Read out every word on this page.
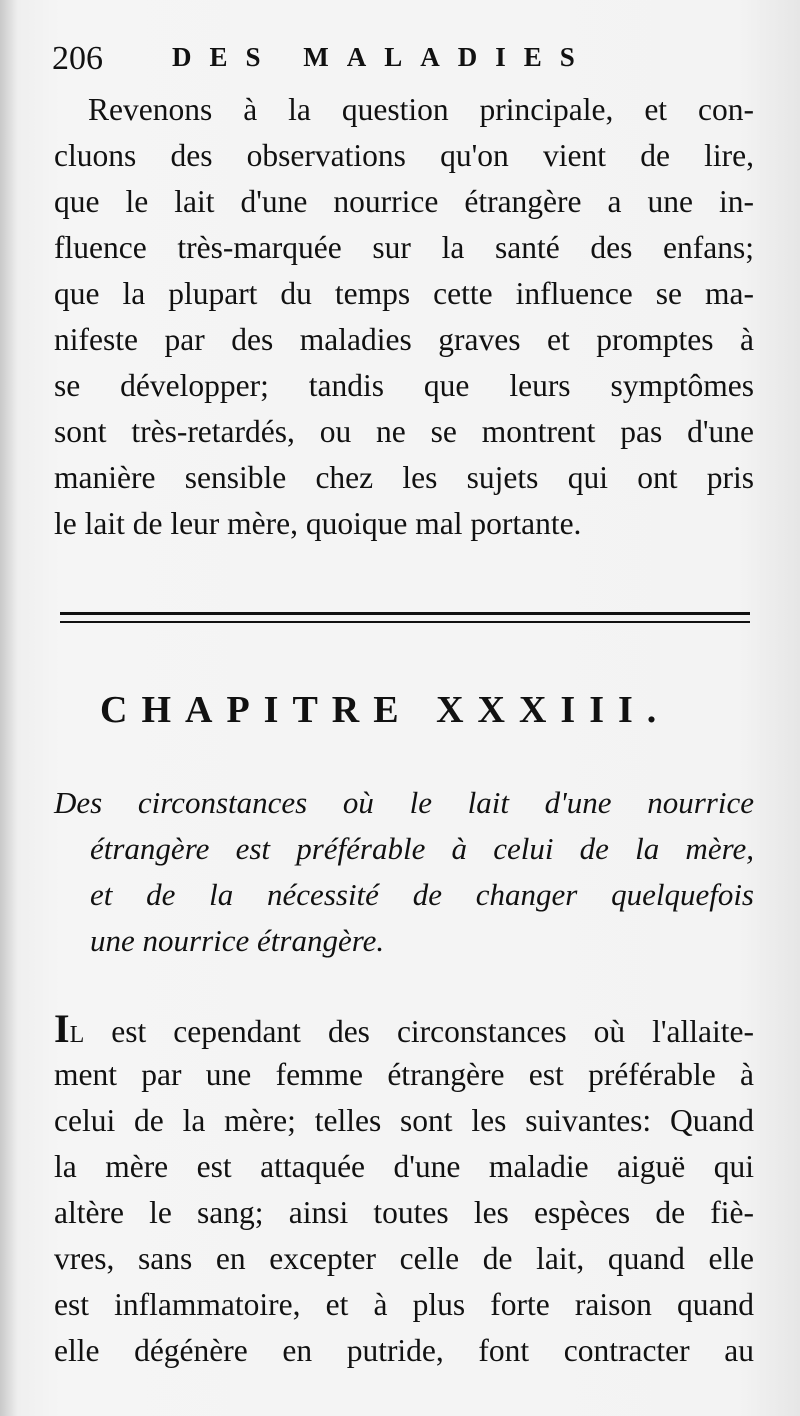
206	DES MALADIES
Revenons à la question principale, et con-
cluons des observations qu'on vient de lire,
que le lait d'une nourrice étrangère a une in-
fluence très-marquée sur la santé des enfans;
que la plupart du temps cette influence se ma-
nifeste par des maladies graves et promptes à
se développer; tandis que leurs symptômes
sont très-retardés, ou ne se montrent pas d'une
manière sensible chez les sujets qui ont pris
le lait de leur mère, quoique mal portante.
CHAPITRE XXXIII.
Des circonstances où le lait d'une nourrice
étrangère est préférable à celui de la mère,
et de la nécessité de changer quelquefois
une nourrice étrangère.
IL est cependant des circonstances où l'allaite-
ment par une femme étrangère est préférable à
celui de la mère; telles sont les suivantes: Quand
la mère est attaquée d'une maladie aiguë qui
altère le sang; ainsi toutes les espèces de fiè-
vres, sans en excepter celle de lait, quand elle
est inflammatoire, et à plus forte raison quand
elle dégénère en putride, font contracter au
